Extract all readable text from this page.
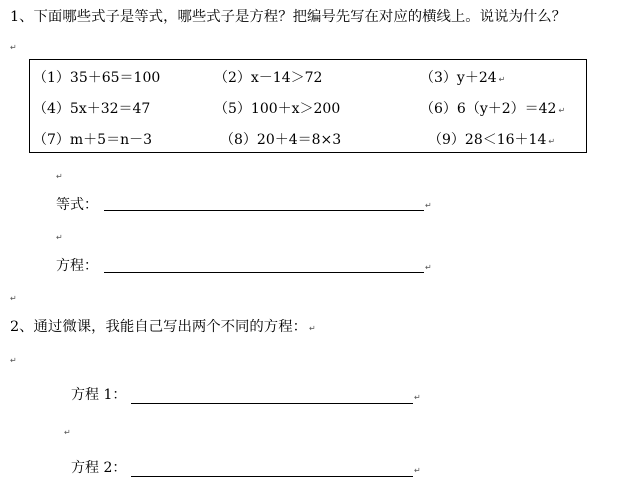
1、下面哪些式子是等式，哪些式子是方程？把编号先写在对应的横线上。说说为什么？
↵
（1）35＋65＝100	（2）x－14＞72	（3）y＋24 ↵
（4）5x＋32＝47	（5）100＋x＞200	（6）6（y＋2）＝42 ↵
（7）m＋5＝n－3	（8）20＋4＝8×3	（9）28＜16＋14 ↵
↵
等式：	↵
↵
方程：	↵
↵
2、通过微课，我能自己写出两个不同的方程： ↵
↵
方程 1：	↵
↵
方程 2：	↵
